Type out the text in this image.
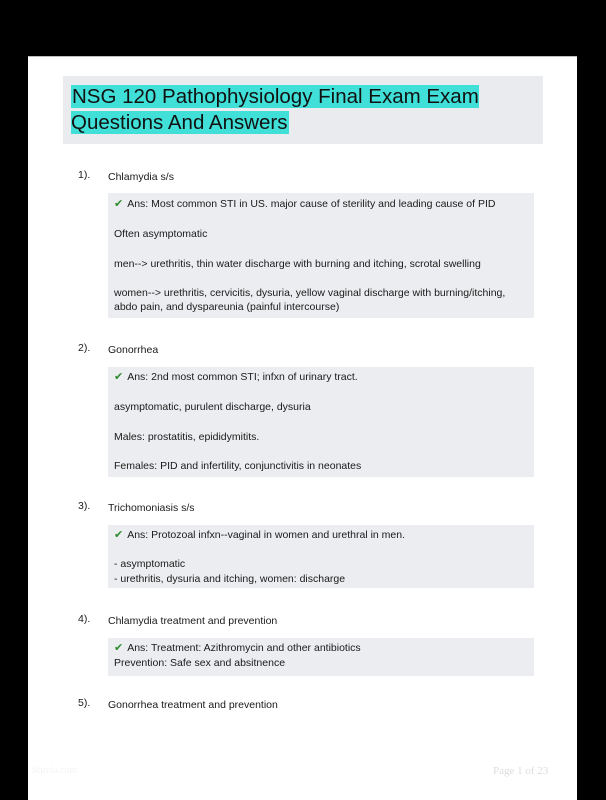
NSG 120 Pathophysiology Final Exam Exam Questions And Answers
1).	Chlamydia s/s
✔ Ans: Most common STI in US. major cause of sterility and leading cause of PID
Often asymptomatic
men--> urethritis, thin water discharge with burning and itching, scrotal swelling
women--> urethritis, cervicitis, dysuria, yellow vaginal discharge with burning/itching, abdo pain, and dyspareunia (painful intercourse)
2).	Gonorrhea
✔ Ans: 2nd most common STI; infxn of urinary tract.
asymptomatic, purulent discharge, dysuria
Males: prostatitis, epididymitits.
Females: PID and infertility, conjunctivitis in neonates
3).	Trichomoniasis s/s
✔ Ans: Protozoal infxn--vaginal in women and urethral in men.
- asymptomatic
- urethritis, dysuria and itching, women: discharge
4).	Chlamydia treatment and prevention
✔ Ans: Treatment: Azithromycin and other antibiotics
Prevention: Safe sex and absitnence
5).	Gonorrhea treatment and prevention
Stuvia.com	Page 1 of 23
